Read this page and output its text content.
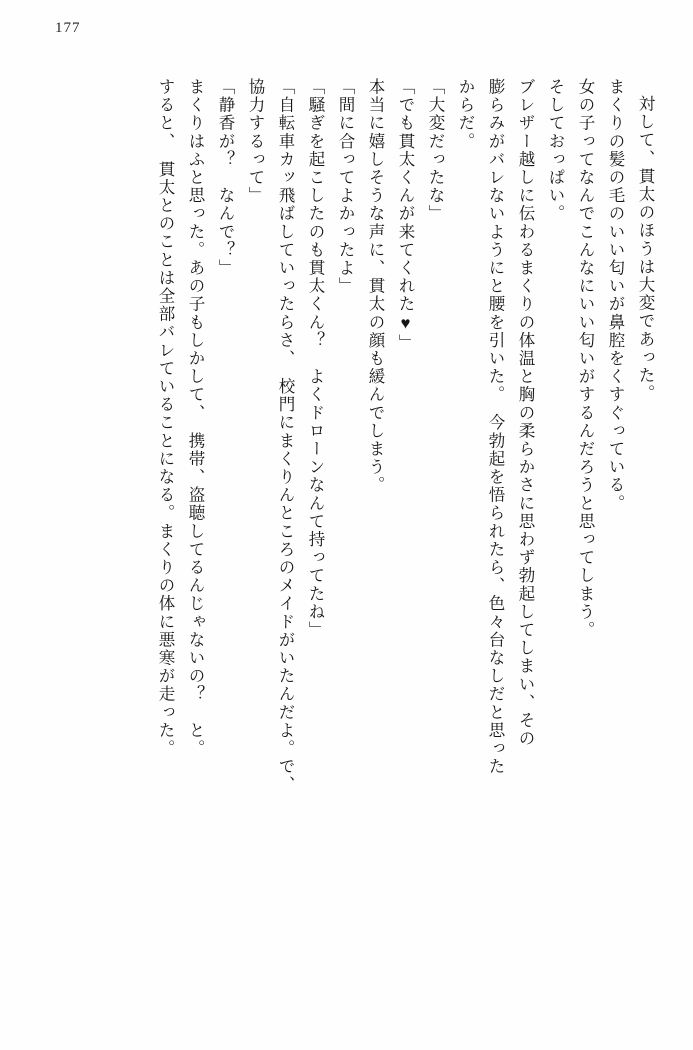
177
対して、貫太のほうは大変であった。
まくりの髪の毛のいい匂いが鼻腔をくすぐっている。
女の子ってなんでこんなにいい匂いがするんだろうと思ってしまう。
そしておっぱい。
ブレザー越しに伝わるまくりの体温と胸の柔らかさに思わず勃起してしまい、その
膨らみがバレないようにと腰を引いた。　今勃起を悟られたら、色々台なしだと思った
からだ。
「大変だったな」
「でも貫太くんが来てくれた♥」
本当に嬉しそうな声に、貫太の顔も緩んでしまう。
「間に合ってよかったよ」
「騒ぎを起こしたのも貫太くん？　よくドローンなんて持ってたね」
「自転車カッ飛ばしていったらさ、　校門にまくりんところのメイドがいたんだよ。で、
協力するって」
「静香が？　なんで？」
まくりはふと思った。あの子もしかして、　携帯、盗聴してるんじゃないの？　と。
すると、　貫太とのことは全部バレていることになる。まくりの体に悪寒が走った。
